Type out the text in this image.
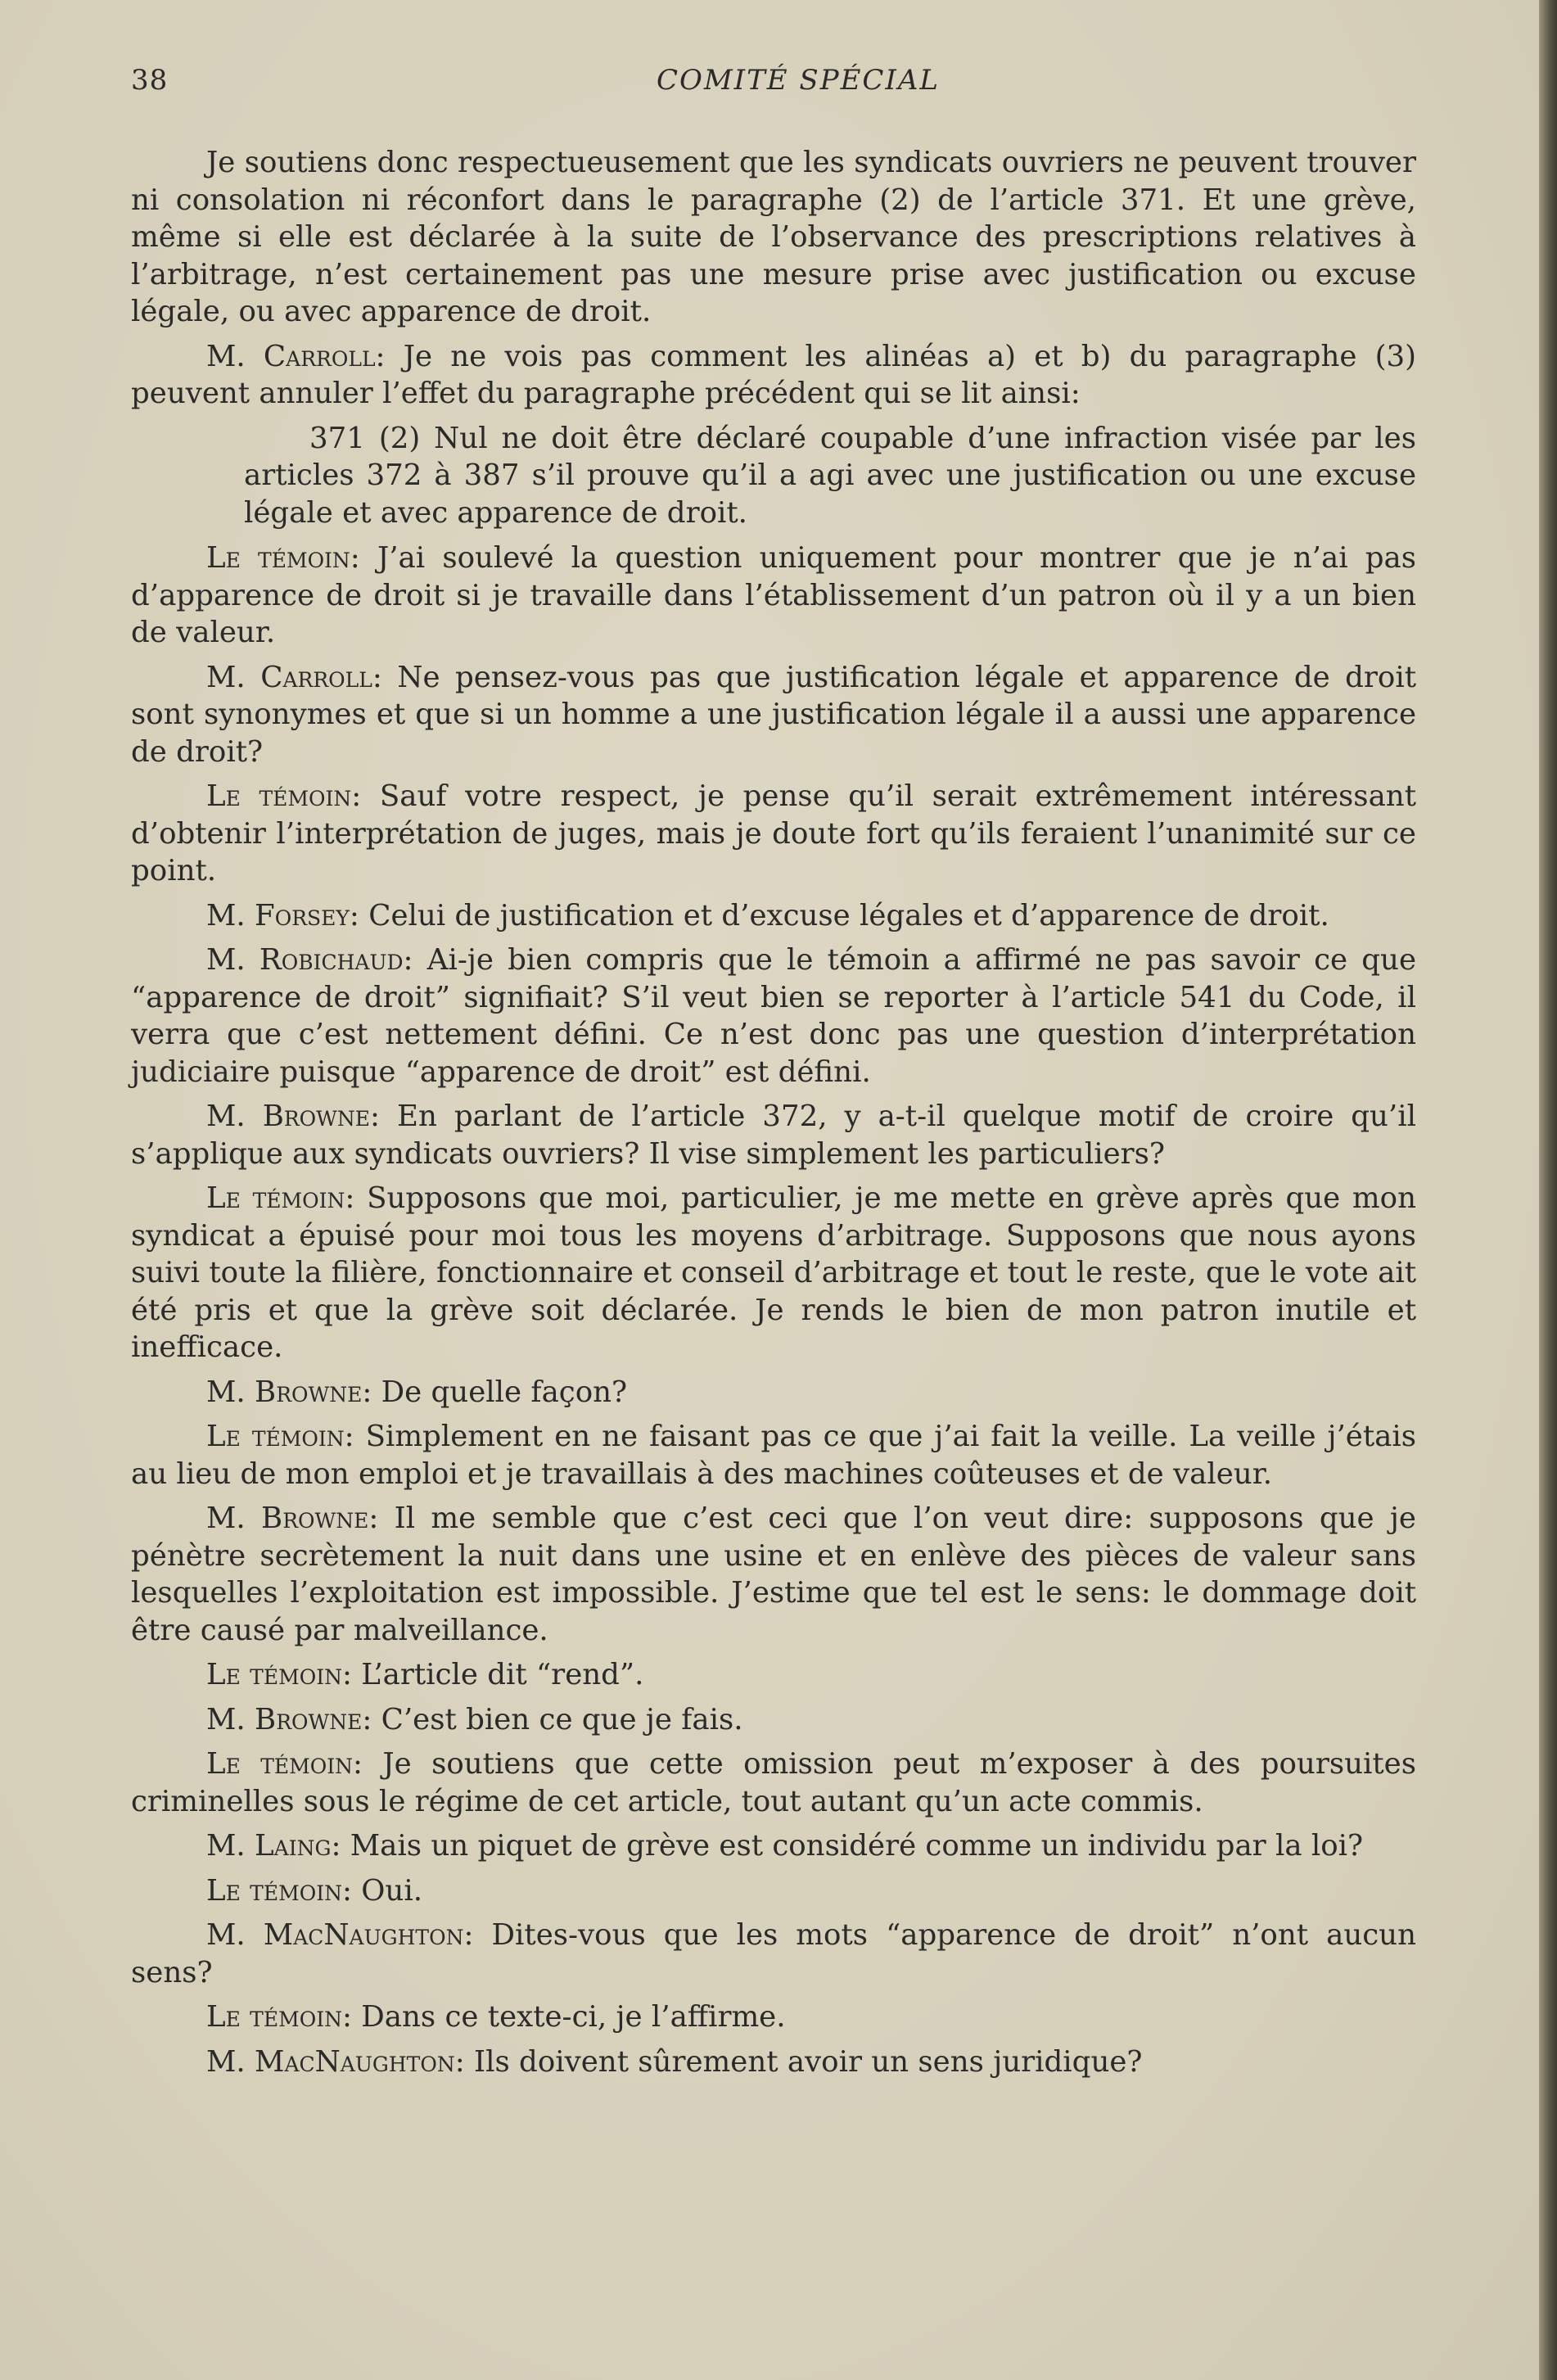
38	COMITÉ SPÉCIAL

Je soutiens donc respectueusement que les syndicats ouvriers ne peuvent trouver ni consolation ni réconfort dans le paragraphe (2) de l’article 371. Et une grève, même si elle est déclarée à la suite de l’observance des prescriptions relatives à l’arbitrage, n’est certainement pas une mesure prise avec justification ou excuse légale, ou avec apparence de droit.

M. Carroll: Je ne vois pas comment les alinéas a) et b) du paragraphe (3) peuvent annuler l’effet du paragraphe précédent qui se lit ainsi:

371 (2) Nul ne doit être déclaré coupable d’une infraction visée par les articles 372 à 387 s’il prouve qu’il a agi avec une justification ou une excuse légale et avec apparence de droit.

Le témoin: J’ai soulevé la question uniquement pour montrer que je n’ai pas d’apparence de droit si je travaille dans l’établissement d’un patron où il y a un bien de valeur.

M. Carroll: Ne pensez-vous pas que justification légale et apparence de droit sont synonymes et que si un homme a une justification légale il a aussi une apparence de droit?

Le témoin: Sauf votre respect, je pense qu’il serait extrêmement intéressant d’obtenir l’interprétation de juges, mais je doute fort qu’ils feraient l’unanimité sur ce point.

M. Forsey: Celui de justification et d’excuse légales et d’apparence de droit.

M. Robichaud: Ai-je bien compris que le témoin a affirmé ne pas savoir ce que “apparence de droit” signifiait? S’il veut bien se reporter à l’article 541 du Code, il verra que c’est nettement défini. Ce n’est donc pas une question d’interprétation judiciaire puisque “apparence de droit” est défini.

M. Browne: En parlant de l’article 372, y a-t-il quelque motif de croire qu’il s’applique aux syndicats ouvriers? Il vise simplement les particuliers?

Le témoin: Supposons que moi, particulier, je me mette en grève après que mon syndicat a épuisé pour moi tous les moyens d’arbitrage. Supposons que nous ayons suivi toute la filière, fonctionnaire et conseil d’arbitrage et tout le reste, que le vote ait été pris et que la grève soit déclarée. Je rends le bien de mon patron inutile et inefficace.

M. Browne: De quelle façon?

Le témoin: Simplement en ne faisant pas ce que j’ai fait la veille. La veille j’étais au lieu de mon emploi et je travaillais à des machines coûteuses et de valeur.

M. Browne: Il me semble que c’est ceci que l’on veut dire: supposons que je pénètre secrètement la nuit dans une usine et en enlève des pièces de valeur sans lesquelles l’exploitation est impossible. J’estime que tel est le sens: le dommage doit être causé par malveillance.

Le témoin: L’article dit “rend”.

M. Browne: C’est bien ce que je fais.

Le témoin: Je soutiens que cette omission peut m’exposer à des poursuites criminelles sous le régime de cet article, tout autant qu’un acte commis.

M. Laing: Mais un piquet de grève est considéré comme un individu par la loi?

Le témoin: Oui.

M. MacNaughton: Dites-vous que les mots “apparence de droit” n’ont aucun sens?

Le témoin: Dans ce texte-ci, je l’affirme.

M. MacNaughton: Ils doivent sûrement avoir un sens juridique?
